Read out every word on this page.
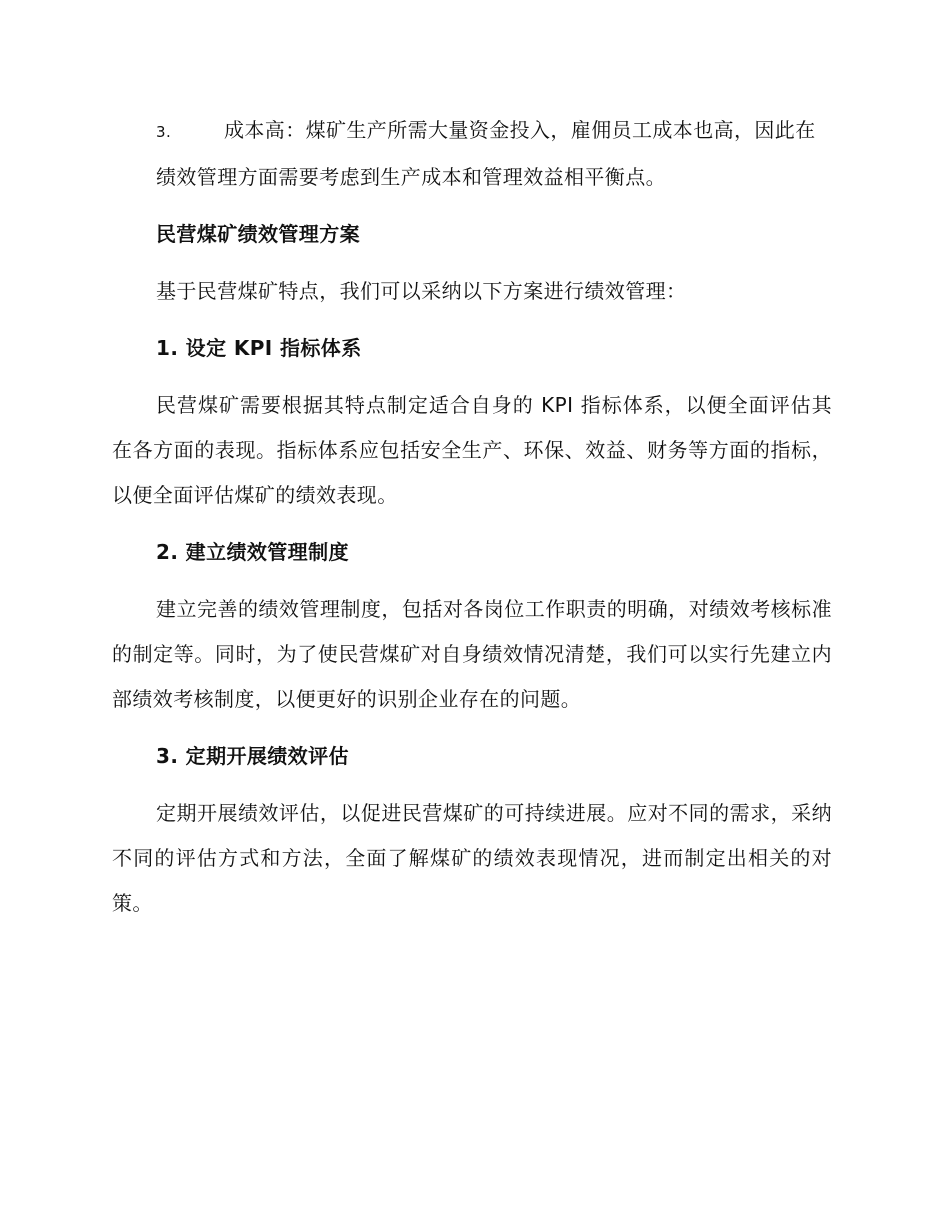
3.	成本高：煤矿生产所需大量资金投入，雇佣员工成本也高，因此在绩效管理方面需要考虑到生产成本和管理效益相平衡点。

民营煤矿绩效管理方案

基于民营煤矿特点，我们可以采纳以下方案进行绩效管理：

1. 设定 KPI 指标体系

民营煤矿需要根据其特点制定适合自身的 KPI 指标体系，以便全面评估其在各方面的表现。指标体系应包括安全生产、环保、效益、财务等方面的指标，以便全面评估煤矿的绩效表现。

2. 建立绩效管理制度

建立完善的绩效管理制度，包括对各岗位工作职责的明确，对绩效考核标准的制定等。同时，为了使民营煤矿对自身绩效情况清楚，我们可以实行先建立内部绩效考核制度，以便更好的识别企业存在的问题。

3. 定期开展绩效评估

定期开展绩效评估，以促进民营煤矿的可持续进展。应对不同的需求，采纳不同的评估方式和方法，全面了解煤矿的绩效表现情况，进而制定出相关的对策。
